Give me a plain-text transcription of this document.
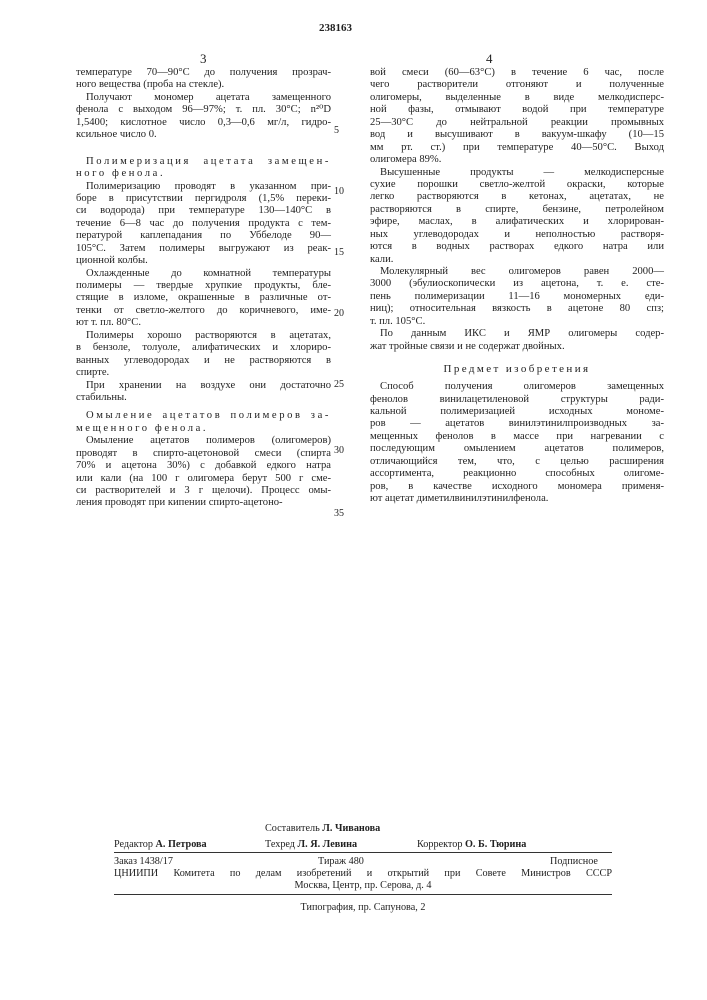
238163
3	4
температуре 70—90°С до получения прозрач-
ного вещества (проба на стекле).
Получают мономер ацетата замещенного
фенола с выходом 96—97%; т. пл. 30°С; n²⁰D
1,5400; кислотное число 0,3—0,6 мг/л, гидро-
ксильное число 0.
Полимеризация ацетата замещен-
ного фенола.
Полимеризацию проводят в указанном при-
боре в присутствии пергидроля (1,5% переки-
си водорода) при температуре 130—140°С в
течение 6—8 час до получения продукта с тем-
пературой каплепадания по Уббелоде 90—
105°С. Затем полимеры выгружают из реак-
ционной колбы.
Охлажденные до комнатной температуры
полимеры — твердые хрупкие продукты, бле-
стящие в изломе, окрашенные в различные от-
тенки от светло-желтого до коричневого, име-
ют т. пл. 80°С.
Полимеры хорошо растворяются в ацетатах,
в бензоле, толуоле, алифатических и хлориро-
ванных углеводородах и не растворяются в
спирте.
При хранении на воздухе они достаточно
стабильны.
Омыление ацетатов полимеров за-
мещенного фенола.
Омыление ацетатов полимеров (олигомеров)
проводят в спирто-ацетоновой смеси (спирта
70% и ацетона 30%) с добавкой едкого натра
или кали (на 100 г олигомера берут 500 г сме-
си растворителей и 3 г щелочи). Процесс омы-
ления проводят при кипении спирто-ацетоно-
вой смеси (60—63°С) в течение 6 час, после
чего растворители отгоняют и полученные
олигомеры, выделенные в виде мелкодисперс-
ной фазы, отмывают водой при температуре
25—30°С до нейтральной реакции промывных
вод и высушивают в вакуум-шкафу (10—15
мм рт. ст.) при температуре 40—50°С. Выход
олигомера 89%.
Высушенные продукты — мелкодисперсные
сухие порошки светло-желтой окраски, которые
легко растворяются в кетонах, ацетатах, не
растворяются в спирте, бензине, петролейном
эфире, маслах, в алифатических и хлорирован-
ных углеводородах и неполностью растворя-
ются в водных растворах едкого натра или
кали.
Молекулярный вес олигомеров равен 2000—
3000 (эбулиоскопически из ацетона, т. е. сте-
пень полимеризации 11—16 мономерных еди-
ниц); относительная вязкость в ацетоне 80 спз;
т. пл. 105°С.
По данным ИКС и ЯМР олигомеры содер-
жат тройные связи и не содержат двойных.
Предмет изобретения
Способ получения олигомеров замещенных
фенолов винилацетиленовой структуры ради-
кальной полимеризацией исходных мономе-
ров — ацетатов винилэтинилпроизводных за-
мещенных фенолов в массе при нагревании с
последующим омылением ацетатов полимеров,
отличающийся тем, что, с целью расширения
ассортимента, реакционно способных олигоме-
ров, в качестве исходного мономера применя-
ют ацетат диметилвинилэтинилфенола.
5
10
15
20
25
30
35
Составитель Л. Чиванова
Редактор А. Петрова	Техред Л. Я. Левина	Корректор О. Б. Тюрина
Заказ 1438/17	Тираж 480	Подписное
ЦНИИПИ Комитета по делам изобретений и открытий при Совете Министров СССР
Москва, Центр, пр. Серова, д. 4
Типография, пр. Сапунова, 2
